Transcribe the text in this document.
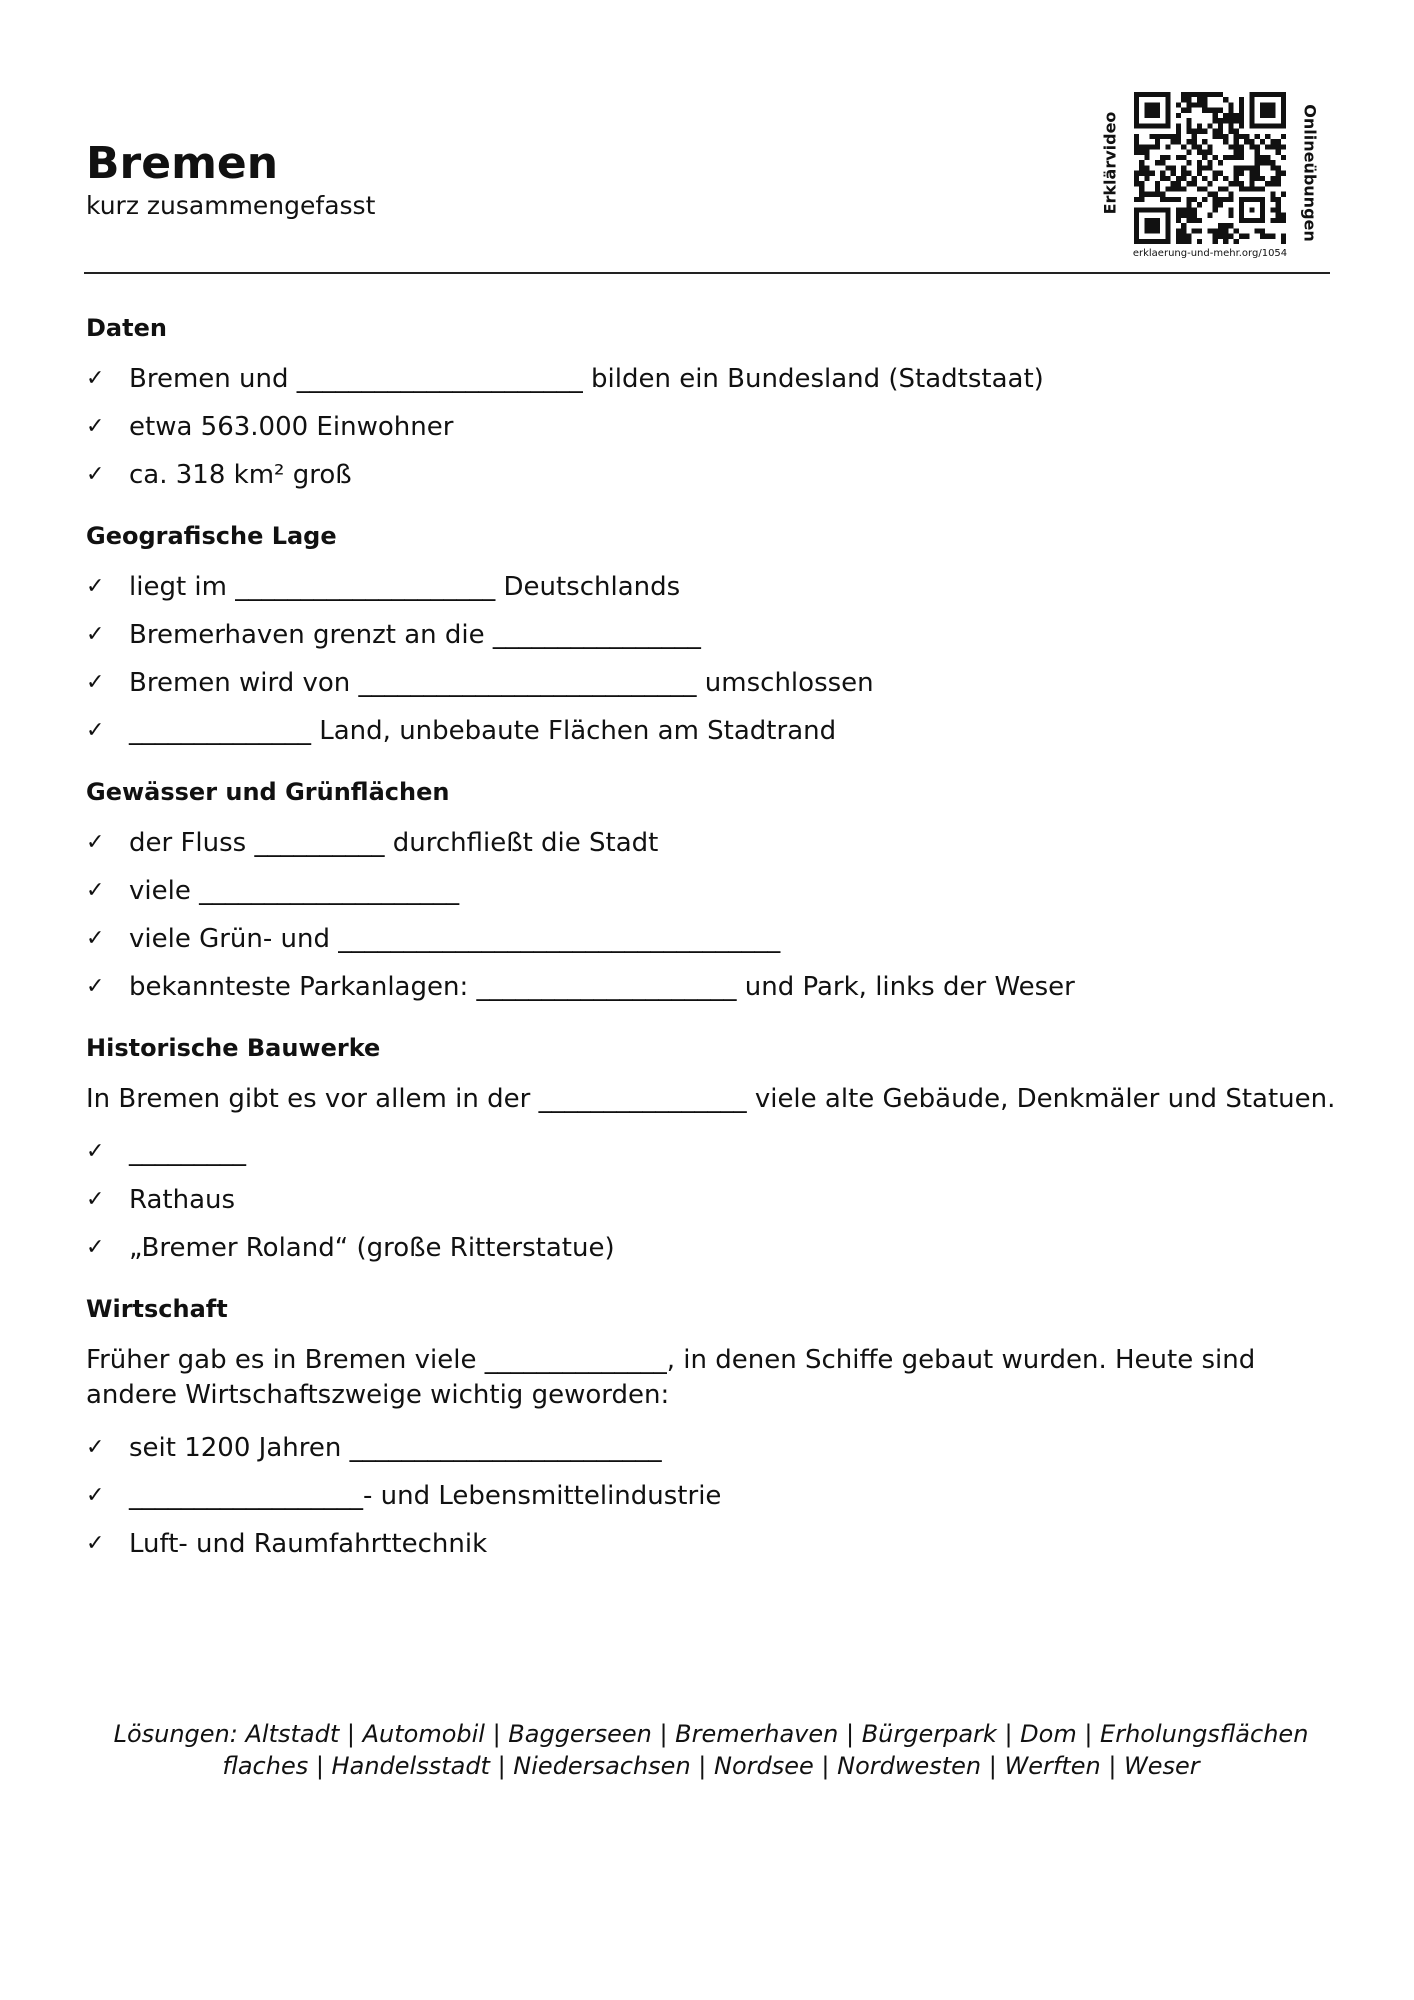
Bremen
kurz zusammengefasst	Erklärvideo	Onlineübungen
erklaerung-und-mehr.org/1054
Daten
✓ Bremen und ______________________ bilden ein Bundesland (Stadtstaat)
✓ etwa 563.000 Einwohner
✓ ca. 318 km² groß
Geografische Lage
✓ liegt im ____________________ Deutschlands
✓ Bremerhaven grenzt an die ________________
✓ Bremen wird von __________________________ umschlossen
✓ ______________ Land, unbebaute Flächen am Stadtrand
Gewässer und Grünflächen
✓ der Fluss __________ durchfließt die Stadt
✓ viele ____________________
✓ viele Grün- und __________________________________
✓ bekannteste Parkanlagen: ____________________ und Park, links der Weser
Historische Bauwerke

In Bremen gibt es vor allem in der ________________ viele alte Gebäude, Denkmäler und Statuen.

✓ _________
✓ Rathaus
✓ „Bremer Roland“ (große Ritterstatue)
Wirtschaft

Früher gab es in Bremen viele ______________, in denen Schiffe gebaut wurden. Heute sind andere Wirtschaftszweige wichtig geworden:

✓ seit 1200 Jahren ________________________
✓ __________________- und Lebensmittelindustrie
✓ Luft- und Raumfahrttechnik
Lösungen: Altstadt | Automobil | Baggerseen | Bremerhaven | Bürgerpark | Dom | Erholungsflächen
flaches | Handelsstadt | Niedersachsen | Nordsee | Nordwesten | Werften | Weser
